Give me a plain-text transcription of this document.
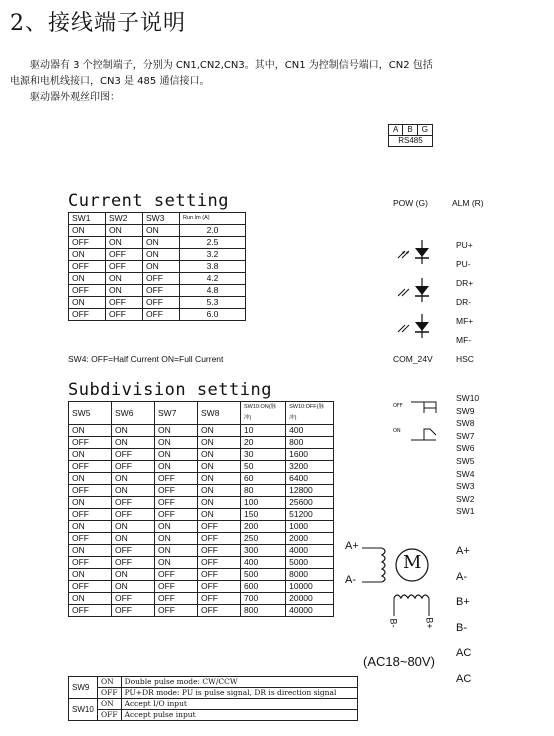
2、接线端子说明
驱动器有 3 个控制端子，分别为 CN1,CN2,CN3。其中，CN1 为控制信号端口，CN2 包括
电源和电机线接口，CN3 是 485 通信接口。
驱动器外观丝印图：
A	B	G
RS485
Current setting
SW1	SW2	SW3	Run Im (A)
ON	ON	ON	2.0
OFF	ON	ON	2.5
ON	OFF	ON	3.2
OFF	OFF	ON	3.8
ON	ON	OFF	4.2
OFF	ON	OFF	4.8
ON	OFF	OFF	5.3
OFF	OFF	OFF	6.0
SW4: OFF=Half Current ON=Full Current
Subdivision setting
SW5	SW6	SW7	SW8	SW10:ON(脉冲)	SW10:OFF(脉冲)
ON	ON	ON	ON	10	400
OFF	ON	ON	ON	20	800
ON	OFF	ON	ON	30	1600
OFF	OFF	ON	ON	50	3200
ON	ON	OFF	ON	60	6400
OFF	ON	OFF	ON	80	12800
ON	OFF	OFF	ON	100	25600
OFF	OFF	OFF	ON	150	51200
ON	ON	ON	OFF	200	1000
OFF	ON	ON	OFF	250	2000
ON	OFF	ON	OFF	300	4000
OFF	OFF	ON	OFF	400	5000
ON	ON	OFF	OFF	500	8000
OFF	ON	OFF	OFF	600	10000
ON	OFF	OFF	OFF	700	20000
OFF	OFF	OFF	OFF	800	40000
SW9	ON	Double pulse mode: CW/CCW
	OFF	PU+DR mode: PU is pulse signal, DR is direction signal
SW10	ON	Accept I/O input
	OFF	Accept pulse input
POW (G)	ALM (R)
PU+
PU-
DR+
DR-
MF+
MF-
COM_24V	HSC
SW10
SW9
SW8
SW7
SW6
SW5
SW4
SW3
SW2
SW1
OFF
ON
A+
A-
M
B-	B+
A+
A-
B+
B-
AC
AC
(AC18~80V)
